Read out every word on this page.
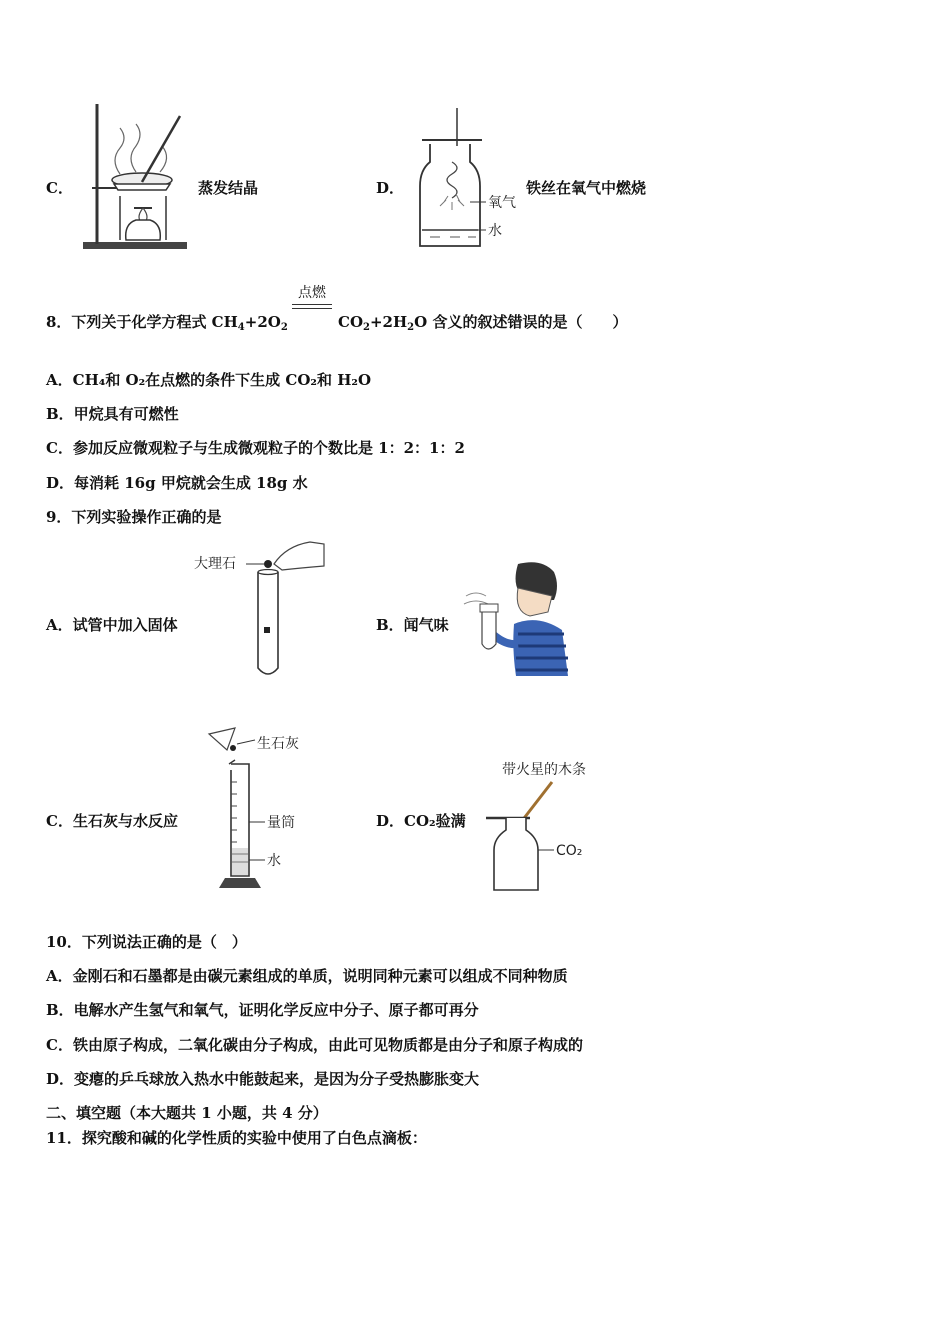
C．	蒸发结晶	D．
氧气
水
铁丝在氧气中燃烧
8．下列关于化学方程式 $CH_4+2O_2$
点燃
$CO_2+2H_2O$ 含义的叙述错误的是（　　）
A．CH₄和 O₂在点燃的条件下生成 CO₂和 H₂O
B．甲烷具有可燃性
C．参加反应微观粒子与生成微观粒子的个数比是 1：2：1：2
D．每消耗 16g 甲烷就会生成 18g 水
9．下列实验操作正确的是
A．试管中加入固体
大理石
B．闻气味
C．生石灰与水反应
生石灰
量筒
水
D．CO₂验满
带火星的木条
CO₂
10．下列说法正确的是（　）
A．金刚石和石墨都是由碳元素组成的单质，说明同种元素可以组成不同种物质
B．电解水产生氢气和氧气，证明化学反应中分子、原子都可再分
C．铁由原子构成，二氧化碳由分子构成，由此可见物质都是由分子和原子构成的
D．变瘪的乒乓球放入热水中能鼓起来，是因为分子受热膨胀变大
二、填空题（本大题共 1 小题，共 4 分）
11．探究酸和碱的化学性质的实验中使用了白色点滴板：
